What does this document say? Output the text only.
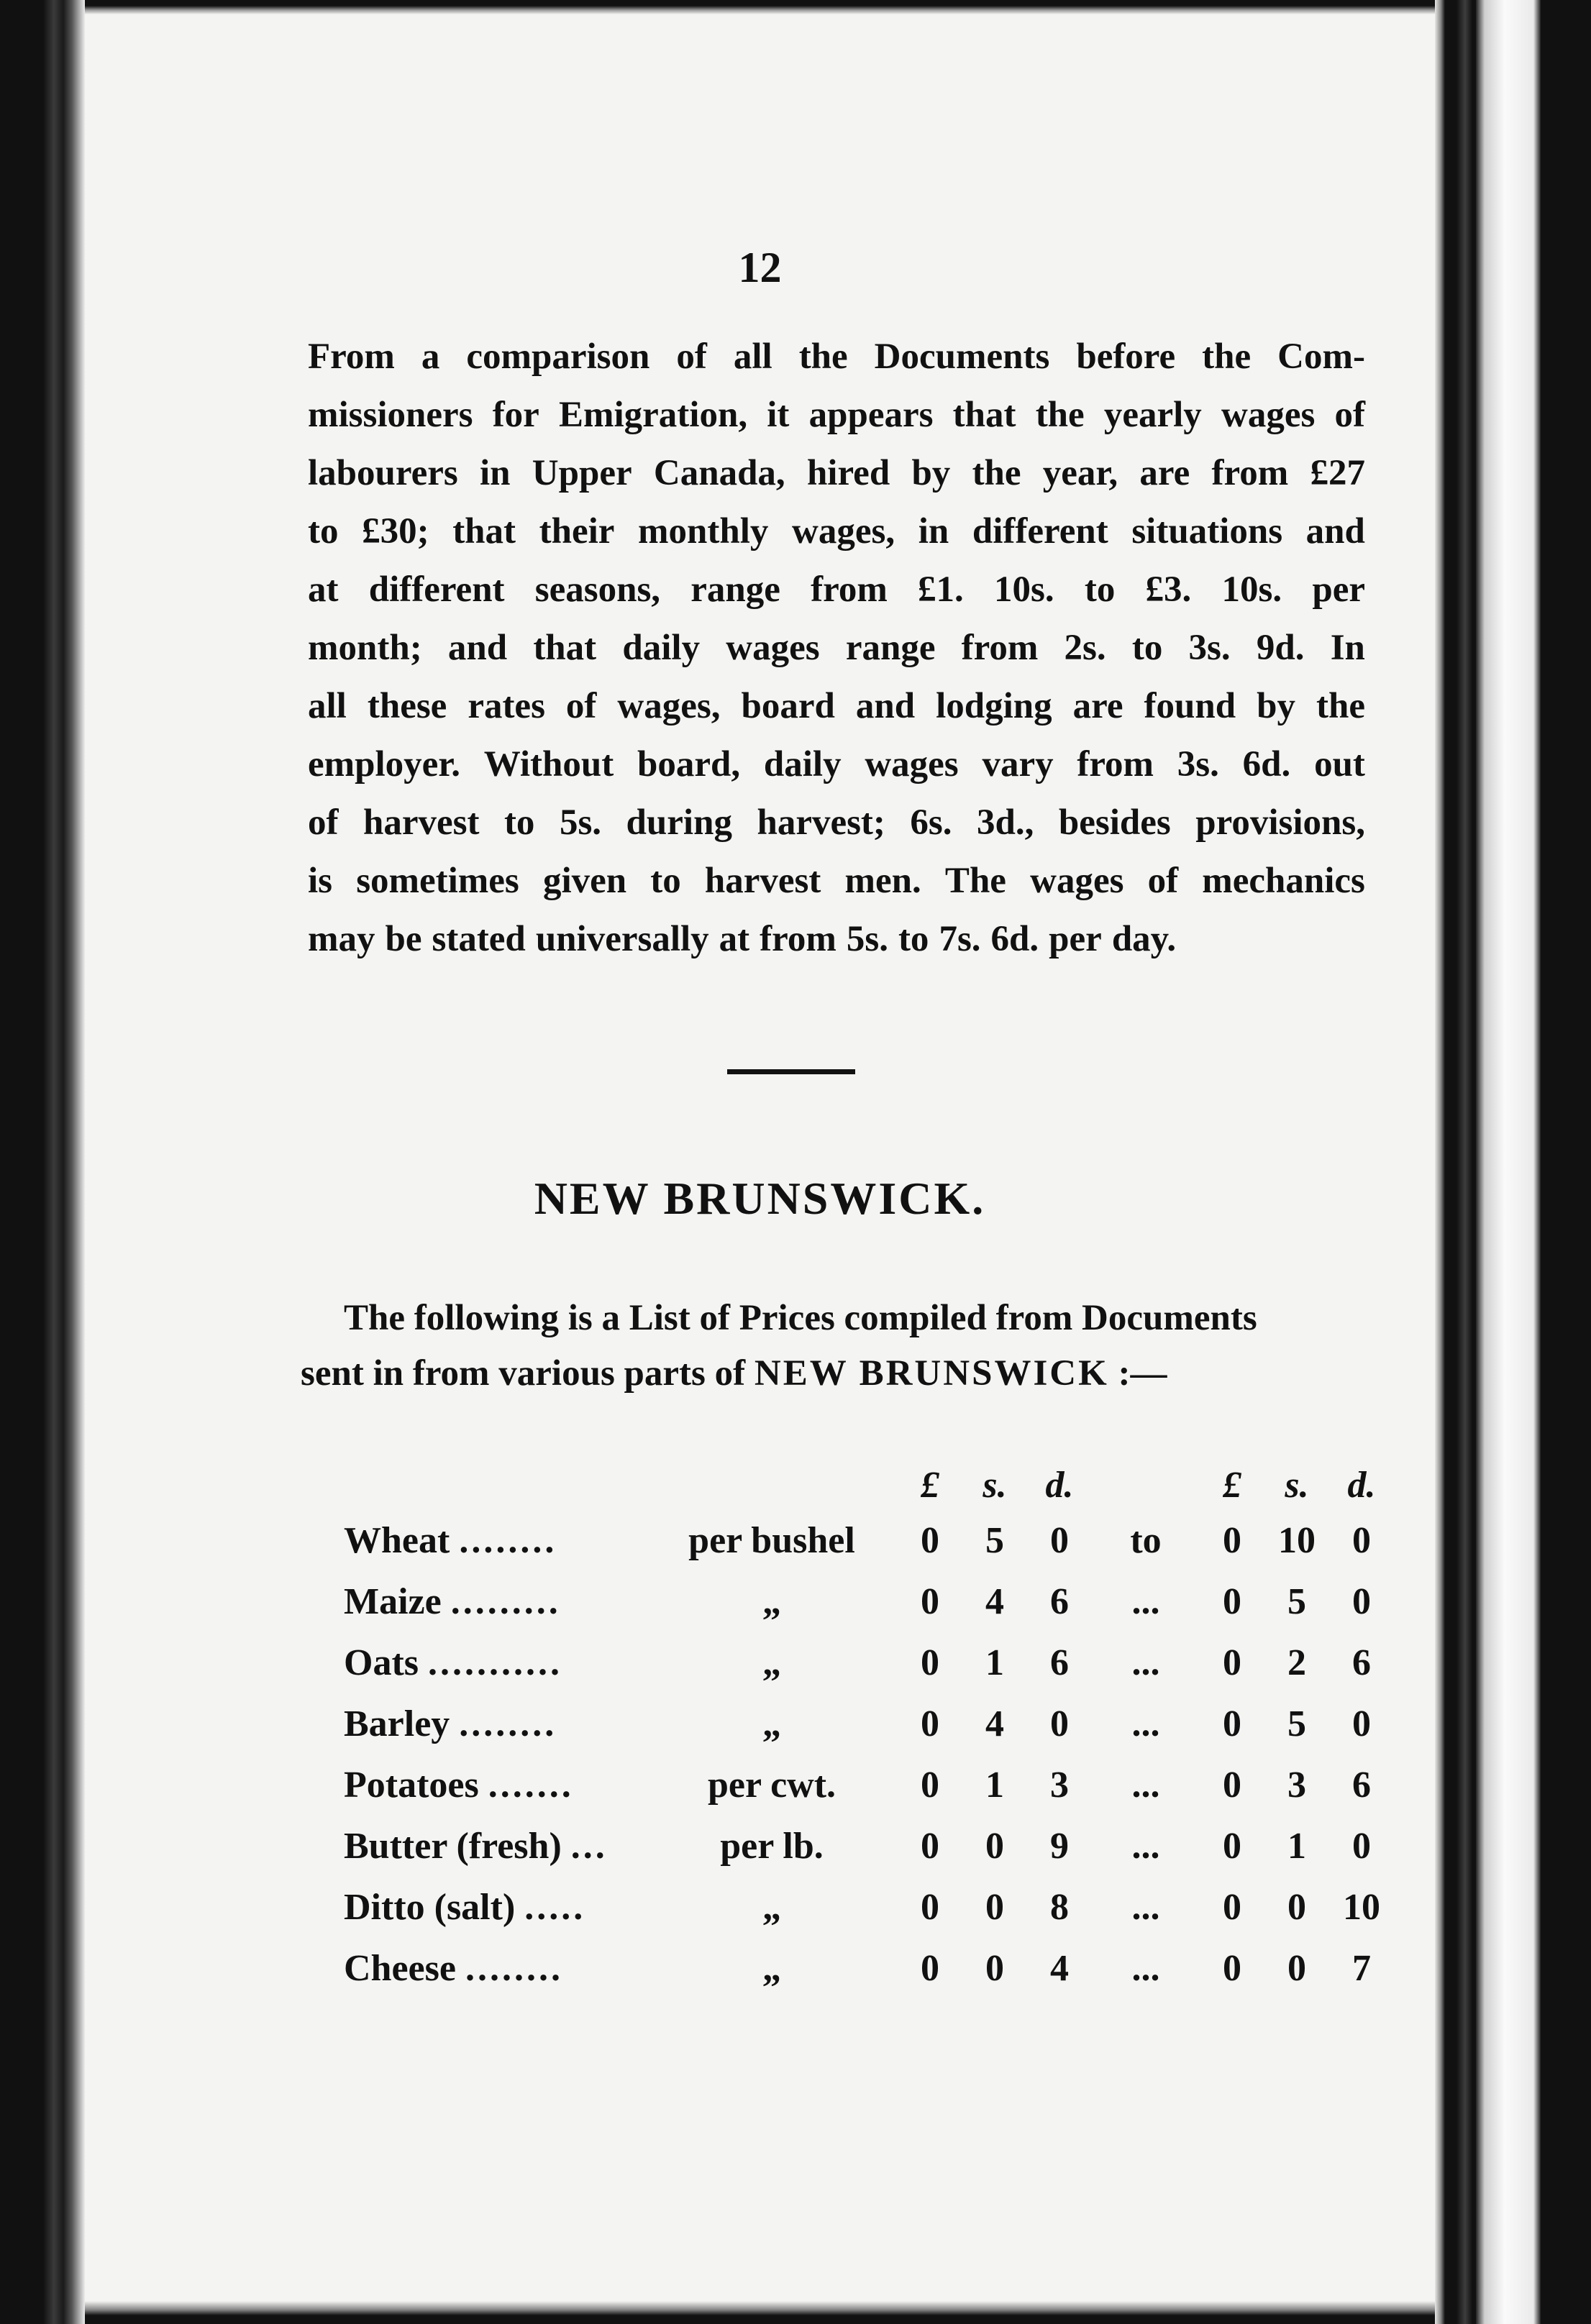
12
From a comparison of all the Documents before the Com-
missioners for Emigration, it appears that the yearly wages of
labourers in Upper Canada, hired by the year, are from £27
to £30; that their monthly wages, in different situations and
at different seasons, range from £1. 10s. to £3. 10s. per
month; and that daily wages range from 2s. to 3s. 9d. In
all these rates of wages, board and lodging are found by the
employer. Without board, daily wages vary from 3s. 6d. out
of harvest to 5s. during harvest; 6s. 3d., besides provisions,
is sometimes given to harvest men. The wages of mechanics
may be stated universally at from 5s. to 7s. 6d. per day.
NEW BRUNSWICK.
The following is a List of Prices compiled from Documents
sent in from various parts of NEW BRUNSWICK :—
		£	s.	d.		£	s.	d.
Wheat ........	per bushel	0	5	0	to	0	10	0
Maize .........	„	0	4	6	...	0	5	0
Oats ...........	„	0	1	6	...	0	2	6
Barley ........	„	0	4	0	...	0	5	0
Potatoes .......	per cwt.	0	1	3	...	0	3	6
Butter (fresh) ...	per lb.	0	0	9	...	0	1	0
Ditto (salt) .....	„	0	0	8	...	0	0	10
Cheese ........	„	0	0	4	...	0	0	7
